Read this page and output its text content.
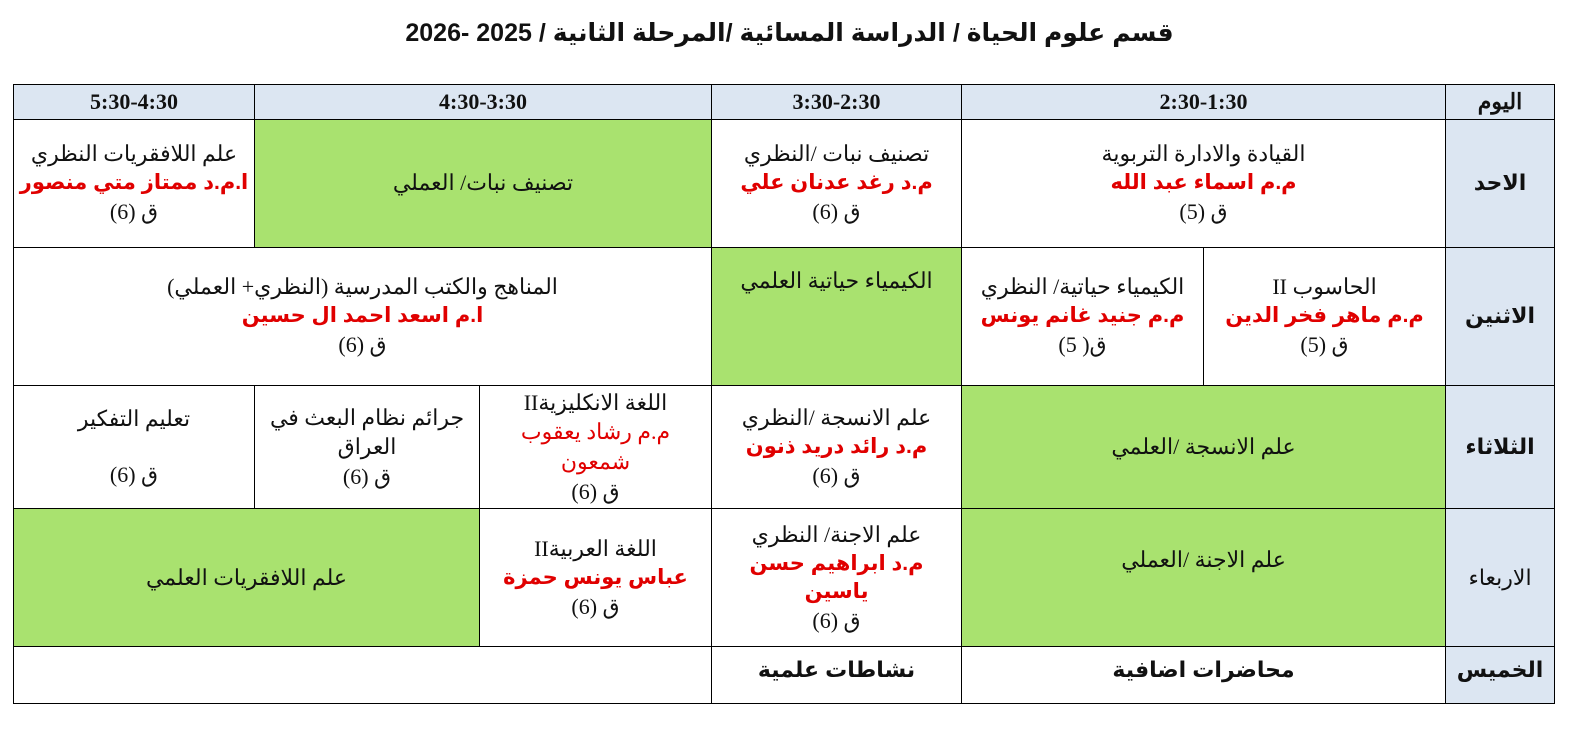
قسم علوم الحياة / الدراسة المسائية /المرحلة الثانية / 2025 -2026
اليوم	2:30-1:30		3:30-2:30	4:30-3:30		5:30-4:30
الاحد	القيادة والادارة التربوية
م.م اسماء عبد الله
ق (5)		تصنيف نبات /النظري
م.د رغد عدنان علي
ق (6)	تصنيف نبات/ العملي		علم اللافقريات النظري
ا.م.د ممتاز متي منصور
ق (6)

الاثنين	الحاسوب II
م.م ماهر فخر الدين
ق (5)	الكيمياء حياتية/ النظري
م.م جنيد غانم يونس
ق( 5)	الكيمياء حياتية العلمي	المناهج والكتب المدرسية (النظري+ العملي)
ا.م اسعد احمد ال حسين
ق (6)		

الثلاثاء	علم الانسجة /العلمي		علم الانسجة /النظري
م.د رائد دريد ذنون
ق (6)	اللغة الانكليزيةII
م.م رشاد يعقوب شمعون
ق (6)	جرائم نظام البعث في العراق
ق (6)	تعليم التفكير
ق (6)

الاربعاء	علم الاجنة /العملي		علم الاجنة/ النظري
م.د ابراهيم حسن ياسين
ق (6)	اللغة العربيةII
عباس يونس حمزة
ق (6)	علم اللافقريات العلمي	

الخميس	محاضرات اضافية		نشاطات علمية			
